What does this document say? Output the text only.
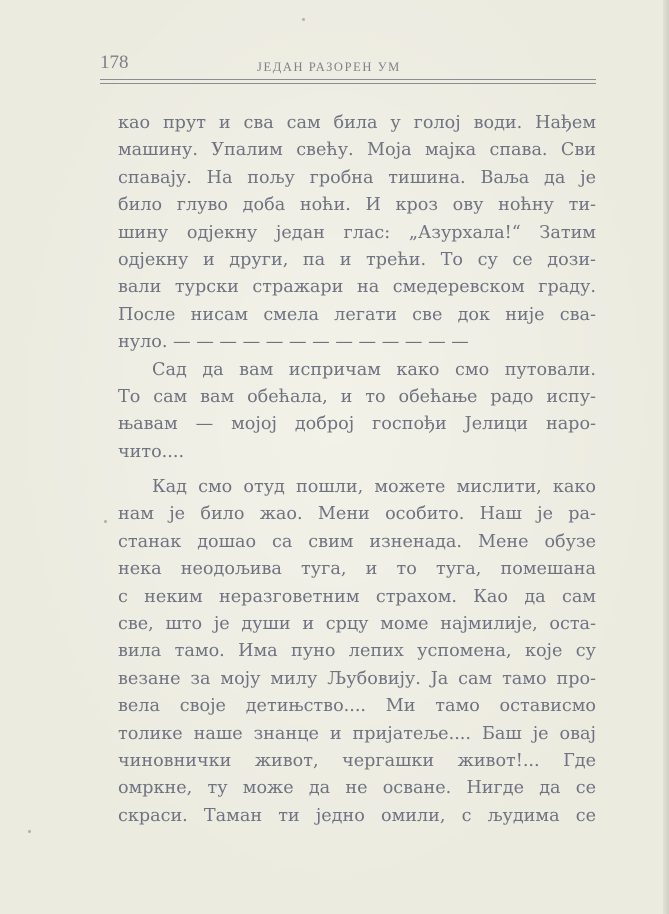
178	ЈЕДАН РАЗОРЕН УМ
као прут и сва сам била у голој води. Нађем
машину. Упалим свећу. Моја мајка спава. Сви
спавају. На пољу гробна тишина. Ваља да је
било глуво доба ноћи. И кроз ову ноћну ти-
шину одјекну један глас: „Азурхала!“ Затим
одјекну и други, па и трећи. То су се дози-
вали турски стражари на смедеревском граду.
После нисам смела легати све док није сва-
нуло. — — — — — — — — — — — — —
Сад да вам испричам како смо путовали.
То сам вам обећала, и то обећање радо испу-
њавам — мојој доброј госпођи Јелици наро-
чито....
Кад смо отуд пошли, можете мислити, како
нам је било жао. Мени особито. Наш је ра-
станак дошао са свим изненада. Мене обузе
нека неодољива туга, и то туга, помешана
с неким неразговетним страхом. Као да сам
све, што је души и срцу моме најмилије, оста-
вила тамо. Има пуно лепих успомена, које су
везане за моју милу Љубовију. Ја сам тамо про-
вела своје детињство.... Ми тамо остависмо
толике наше знанце и пријатеље.... Баш је овај
чиновнички живот, чергашки живот!... Где
омркне, ту може да не осване. Нигде да се
скраси. Таман ти једно омили, с људима се
